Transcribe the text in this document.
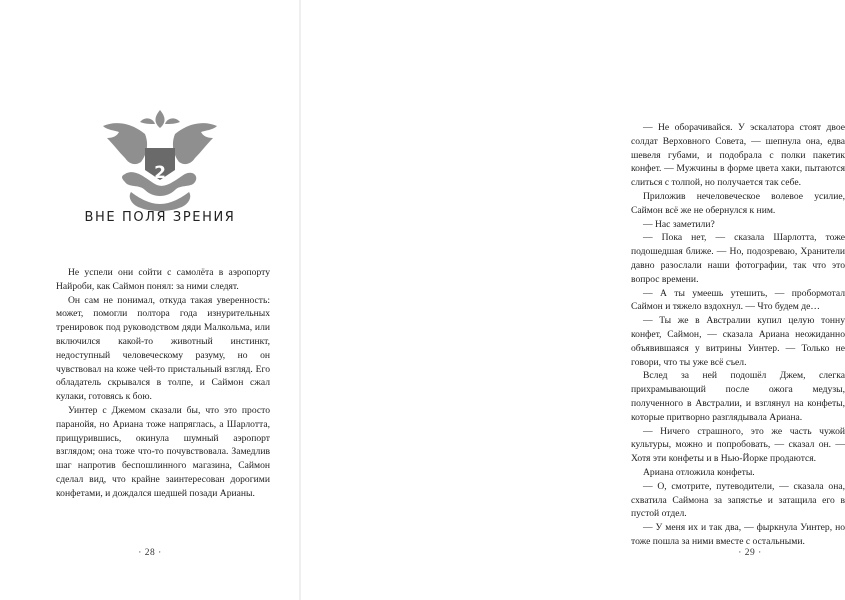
2
ВНЕ ПОЛЯ ЗРЕНИЯ

Не успели они сойти с самолёта в аэропорту Найроби, как Саймон понял: за ними следят.

Он сам не понимал, откуда такая уверенность: может, помогли полтора года изнурительных тренировок под руководством дяди Малкольма, или включился какой-то животный инстинкт, недоступный человеческому разуму, но он чувствовал на коже чей-то пристальный взгляд. Его обладатель скрывался в толпе, и Саймон сжал кулаки, готовясь к бою.

Уинтер с Джемом сказали бы, что это просто паранойя, но Ариана тоже напряглась, а Шарлотта, прищурившись, окинула шумный аэропорт взглядом; она тоже что-то почувствовала. Замедлив шаг напротив беспошлинного магазина, Саймон сделал вид, что крайне заинтересован дорогими конфетами, и дождался шедшей позади Арианы.

· 28 ·

— Не оборачивайся. У эскалатора стоят двое солдат Верховного Совета, — шепнула она, едва шевеля губами, и подобрала с полки пакетик конфет. — Мужчины в форме цвета хаки, пытаются слиться с толпой, но получается так себе.

Приложив нечеловеческое волевое усилие, Саймон всё же не обернулся к ним.

— Нас заметили?

— Пока нет, — сказала Шарлотта, тоже подошедшая ближе. — Но, подозреваю, Хранители давно разослали наши фотографии, так что это вопрос времени.

— А ты умеешь утешить, — пробормотал Саймон и тяжело вздохнул. — Что будем де…

— Ты же в Австралии купил целую тонну конфет, Саймон, — сказала Ариана неожиданно объявившаяся у витрины Уинтер. — Только не говори, что ты уже всё съел.

Вслед за ней подошёл Джем, слегка прихрамывающий после ожога медузы, полученного в Австралии, и взглянул на конфеты, которые притворно разглядывала Ариана.

— Ничего страшного, это же часть чужой культуры, можно и попробовать, — сказал он. — Хотя эти конфеты и в Нью-Йорке продаются.

Ариана отложила конфеты.

— О, смотрите, путеводители, — сказала она, схватила Саймона за запястье и затащила его в пустой отдел.

— У меня их и так два, — фыркнула Уинтер, но тоже пошла за ними вместе с остальными.

· 29 ·
